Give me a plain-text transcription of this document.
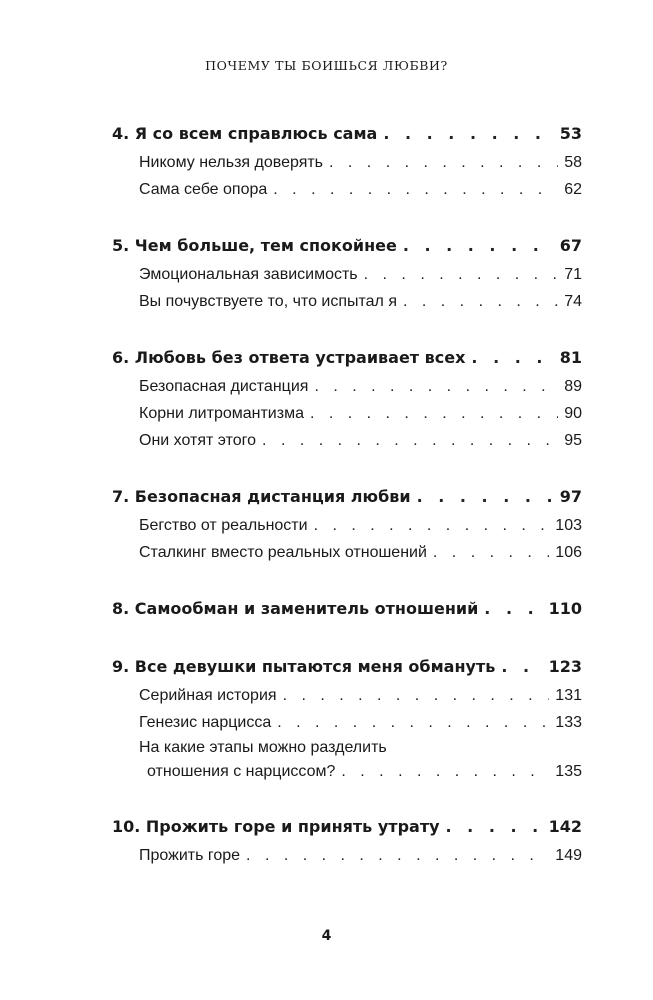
ПОЧЕМУ ТЫ БОИШЬСЯ ЛЮБВИ?
4. Я со всем справлюсь сама . . .	53
Никому нельзя доверять . . .	58
Сама себе опора . . .	62
5. Чем больше, тем спокойнее . . .	67
Эмоциональная зависимость . . .	71
Вы почувствуете то, что испытал я . . .	74
6. Любовь без ответа устраивает всех . . .	81
Безопасная дистанция . . .	89
Корни литромантизма . . .	90
Они хотят этого . . .	95
7. Безопасная дистанция любви . . .	97
Бегство от реальности . . .	103
Сталкинг вместо реальных отношений . . .	106
8. Самообман и заменитель отношений . . .	110
9. Все девушки пытаются меня обмануть . . .	123
Серийная история . . .	131
Генезис нарцисса . . .	133
На какие этапы можно разделить
отношения с нарциссом? . . .	135
10. Прожить горе и принять утрату . . .	142
Прожить горе . . .	149
4
